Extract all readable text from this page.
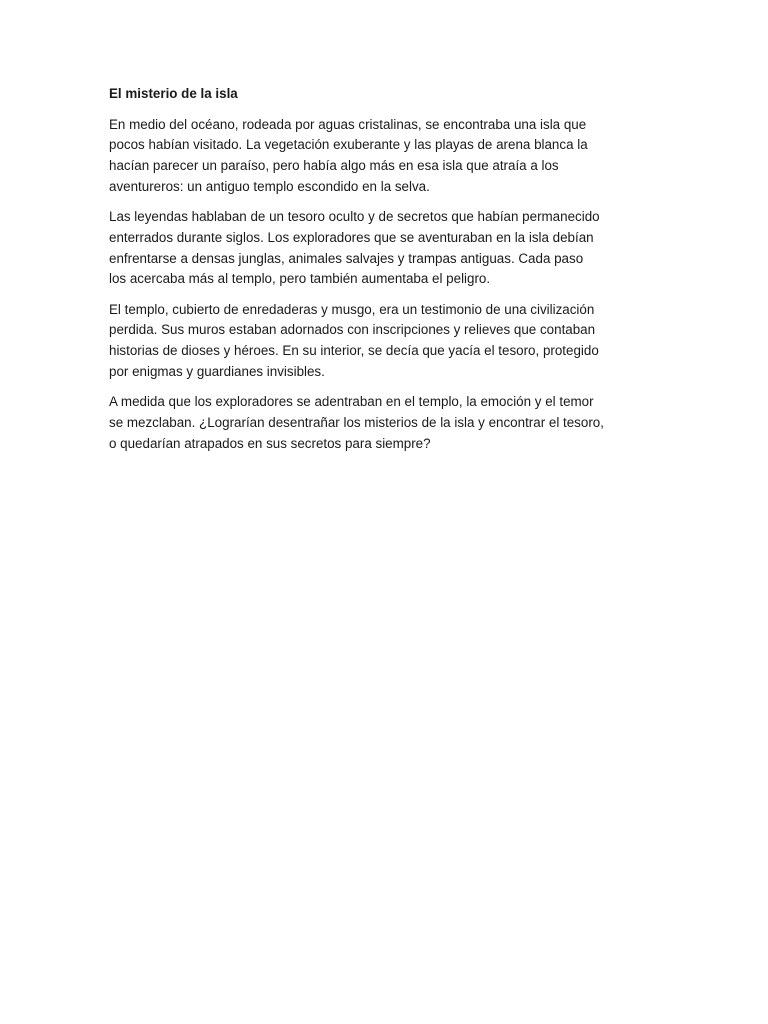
El misterio de la isla
En medio del océano, rodeada por aguas cristalinas, se encontraba una isla que
pocos habían visitado. La vegetación exuberante y las playas de arena blanca la
hacían parecer un paraíso, pero había algo más en esa isla que atraía a los
aventureros: un antiguo templo escondido en la selva.
Las leyendas hablaban de un tesoro oculto y de secretos que habían permanecido
enterrados durante siglos. Los exploradores que se aventuraban en la isla debían
enfrentarse a densas junglas, animales salvajes y trampas antiguas. Cada paso
los acercaba más al templo, pero también aumentaba el peligro.
El templo, cubierto de enredaderas y musgo, era un testimonio de una civilización
perdida. Sus muros estaban adornados con inscripciones y relieves que contaban
historias de dioses y héroes. En su interior, se decía que yacía el tesoro, protegido
por enigmas y guardianes invisibles.
A medida que los exploradores se adentraban en el templo, la emoción y el temor
se mezclaban. ¿Lograrían desentrañar los misterios de la isla y encontrar el tesoro,
o quedarían atrapados en sus secretos para siempre?
